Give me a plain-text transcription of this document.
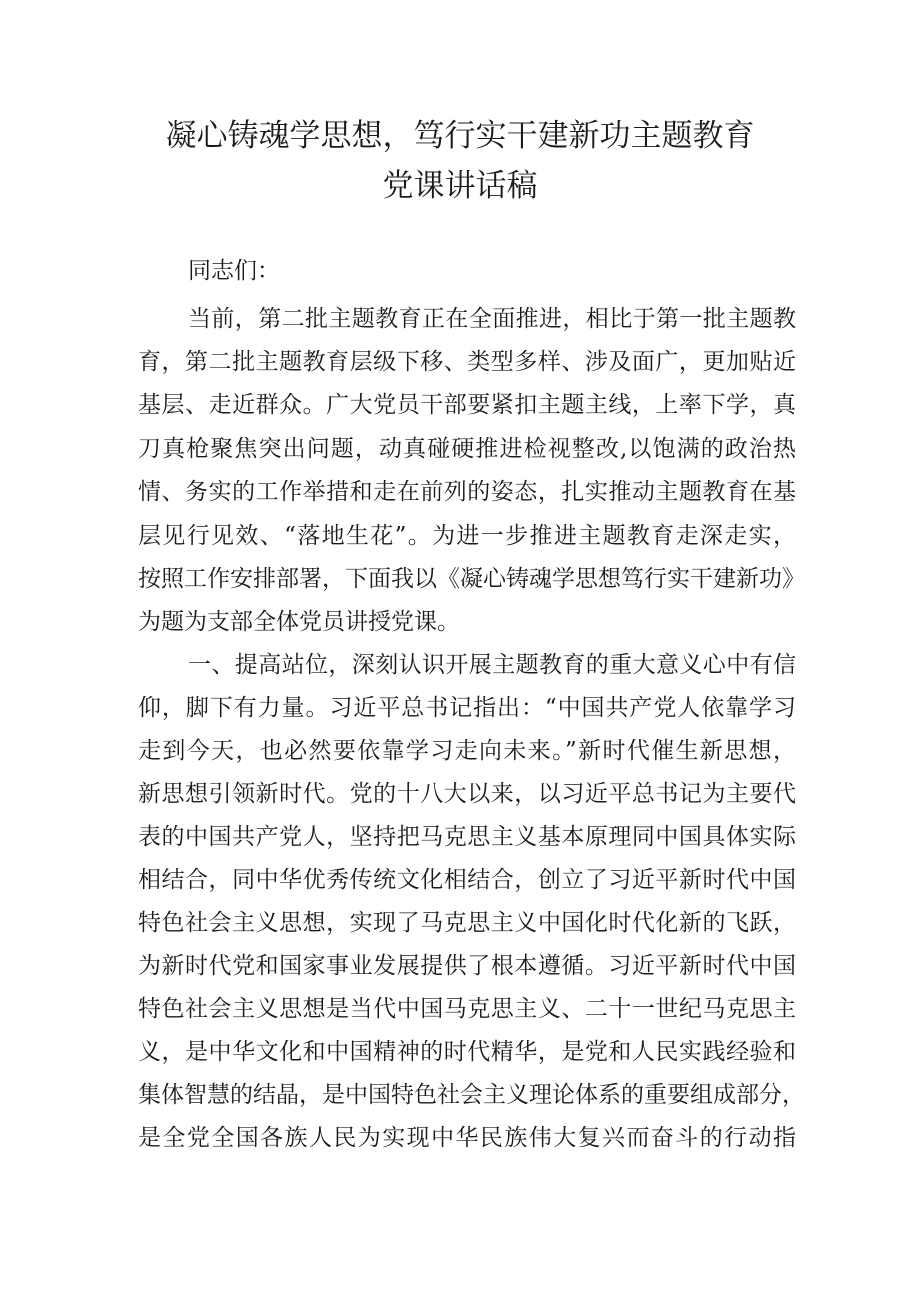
凝心铸魂学思想，笃行实干建新功主题教育
党课讲话稿
同志们：
当前，第二批主题教育正在全面推进，相比于第一批主题教
育，第二批主题教育层级下移、类型多样、涉及面广，更加贴近
基层、走近群众。广大党员干部要紧扣主题主线，上率下学，真
刀真枪聚焦突出问题，动真碰硬推进检视整改,以饱满的政治热
情、务实的工作举措和走在前列的姿态，扎实推动主题教育在基
层见行见效、“落地生花”。为进一步推进主题教育走深走实，
按照工作安排部署，下面我以《凝心铸魂学思想笃行实干建新功》
为题为支部全体党员讲授党课。
一、提高站位，深刻认识开展主题教育的重大意义心中有信
仰，脚下有力量。习近平总书记指出：“中国共产党人依靠学习
走到今天，也必然要依靠学习走向未来。”新时代催生新思想，
新思想引领新时代。党的十八大以来，以习近平总书记为主要代
表的中国共产党人，坚持把马克思主义基本原理同中国具体实际
相结合，同中华优秀传统文化相结合，创立了习近平新时代中国
特色社会主义思想，实现了马克思主义中国化时代化新的飞跃，
为新时代党和国家事业发展提供了根本遵循。习近平新时代中国
特色社会主义思想是当代中国马克思主义、二十一世纪马克思主
义，是中华文化和中国精神的时代精华，是党和人民实践经验和
集体智慧的结晶，是中国特色社会主义理论体系的重要组成部分，
是全党全国各族人民为实现中华民族伟大复兴而奋斗的行动指
